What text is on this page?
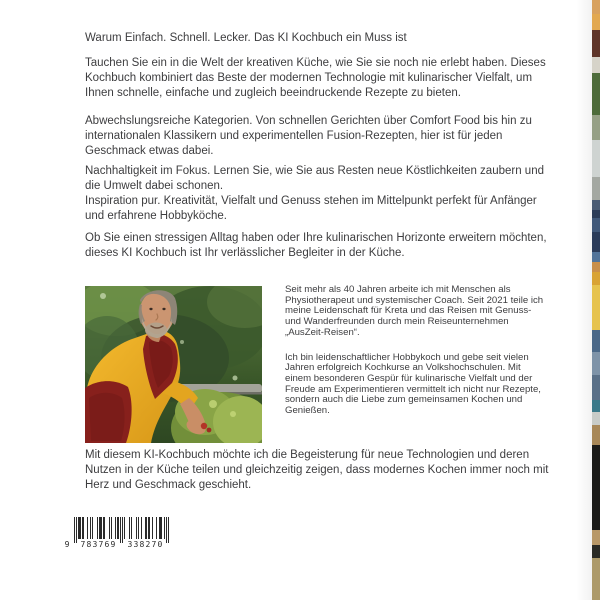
Warum Einfach. Schnell. Lecker. Das KI Kochbuch ein Muss ist

Tauchen Sie ein in die Welt der kreativen Küche, wie Sie sie noch nie erlebt haben. Dieses Kochbuch kombiniert das Beste der modernen Technologie mit kulinarischer Vielfalt, um Ihnen schnelle, einfache und zugleich beeindruckende Rezepte zu bieten.

Abwechslungsreiche Kategorien. Von schnellen Gerichten über Comfort Food bis hin zu internationalen Klassikern und experimentellen Fusion-Rezepten, hier ist für jeden Geschmack etwas dabei.

Nachhaltigkeit im Fokus. Lernen Sie, wie Sie aus Resten neue Köstlichkeiten zaubern und die Umwelt dabei schonen.
Inspiration pur. Kreativität, Vielfalt und Genuss stehen im Mittelpunkt perfekt für Anfänger und erfahrene Hobbyköche.

Ob Sie einen stressigen Alltag haben oder Ihre kulinarischen Horizonte erweitern möchten, dieses KI Kochbuch ist Ihr verlässlicher Begleiter in der Küche.

Seit mehr als 40 Jahren arbeite ich mit Menschen als Physiotherapeut und systemischer Coach. Seit 2021 teile ich meine Leidenschaft für Kreta und das Reisen mit Genuss- und Wanderfreunden durch mein Reiseunternehmen „AusZeit-Reisen“.

Ich bin leidenschaftlicher Hobbykoch und gebe seit vielen Jahren erfolgreich Kochkurse an Volkshochschulen. Mit einem besonderen Gespür für kulinarische Vielfalt und der Freude am Experimentieren vermittelt ich nicht nur Rezepte, sondern auch die Liebe zum gemeinsamen Kochen und Genießen.

Mit diesem KI-Kochbuch möchte ich die Begeisterung für neue Technologien und deren Nutzen in der Küche teilen und gleichzeitig zeigen, dass modernes Kochen immer noch mit Herz und Geschmack geschieht.

9 783769 338270
